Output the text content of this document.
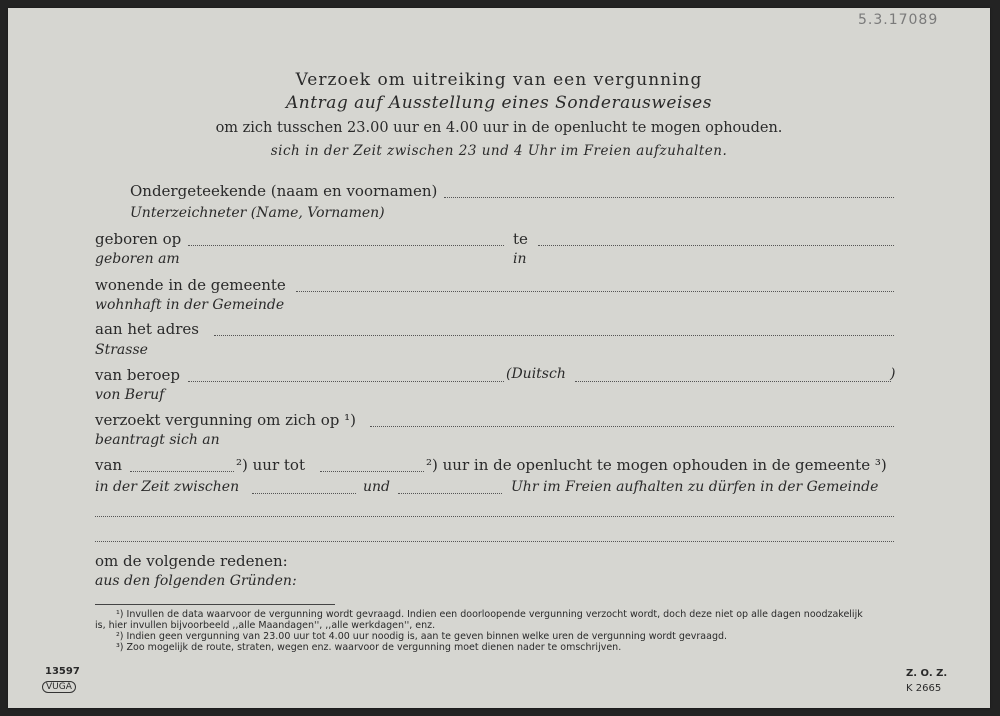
5.3.17089
Verzoek om uitreiking van een vergunning
Antrag auf Ausstellung eines Sonderausweises
om zich tusschen 23.00 uur en 4.00 uur in de openlucht te mogen ophouden.
sich in der Zeit zwischen 23 und 4 Uhr im Freien aufzuhalten.
Ondergeteekende (naam en voornamen)
Unterzeichneter (Name, Vornamen)
geboren op	te
geboren am	in
wonende in de gemeente
wohnhaft in der Gemeinde
aan het adres
Strasse
van beroep	(Duitsch	)
von Beruf
verzoekt vergunning om zich op ¹)
beantragt sich an
van	²) uur tot	²) uur in de openlucht te mogen ophouden in de gemeente ³)
in der Zeit zwischen	und	Uhr im Freien aufhalten zu dürfen in der Gemeinde
om de volgende redenen:
aus den folgenden Gründen:
¹) Invullen de data waarvoor de vergunning wordt gevraagd. Indien een doorloopende vergunning verzocht wordt, doch deze niet op alle dagen noodzakelijk
is, hier invullen bijvoorbeeld ,,alle Maandagen'', ,,alle werkdagen'', enz.
²) Indien geen vergunning van 23.00 uur tot 4.00 uur noodig is, aan te geven binnen welke uren de vergunning wordt gevraagd.
³) Zoo mogelijk de route, straten, wegen enz. waarvoor de vergunning moet dienen nader te omschrijven.
13597
VUGA
Z. O. Z.
K 2665
